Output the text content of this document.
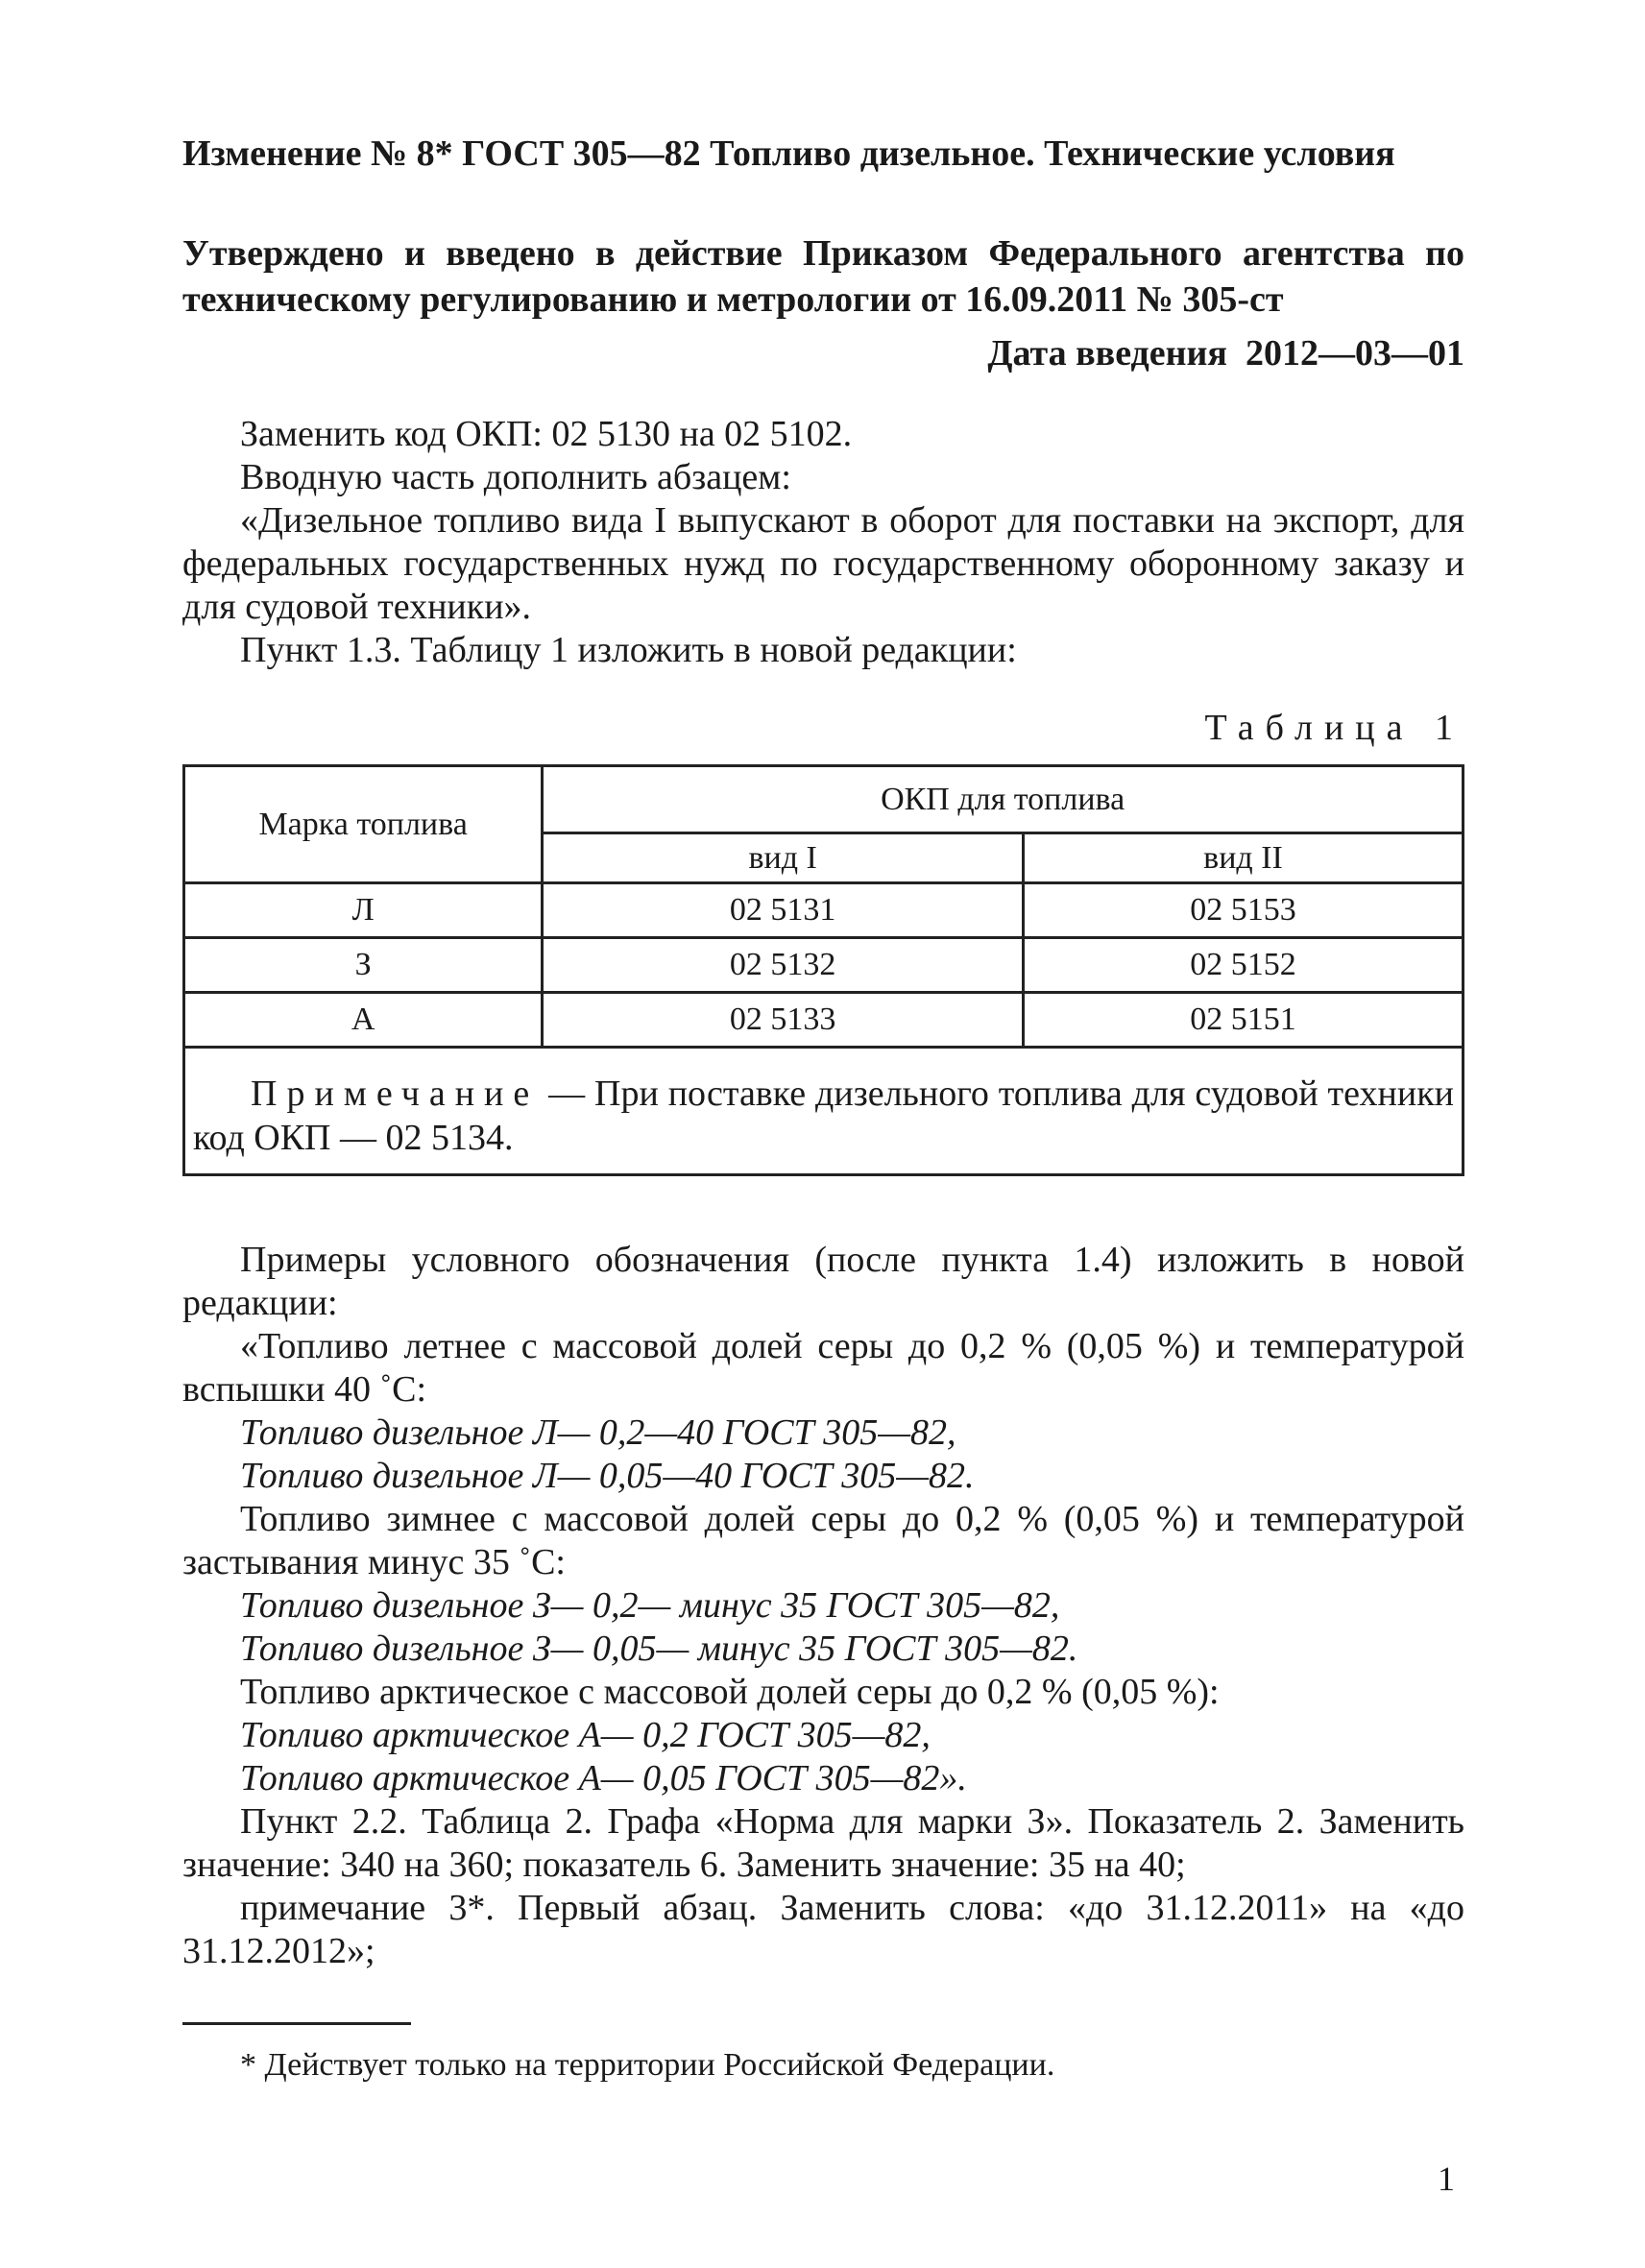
Изменение № 8* ГОСТ 305—82 Топливо дизельное. Технические условия
Утверждено и введено в действие Приказом Федерального агентства по техническому регулированию и метрологии от 16.09.2011 № 305-ст
Дата введения  2012—03—01

Заменить код ОКП: 02 5130 на 02 5102.

Вводную часть дополнить абзацем:

«Дизельное топливо вида I выпускают в оборот для поставки на экспорт, для федеральных государственных нужд по государственному оборонному заказу и для судовой техники».

Пункт 1.3. Таблицу 1 изложить в новой редакции:

Таблица 1
Марка топлива	ОКП для топлива	
	вид I	вид II
Л	02 5131	02 5153
З	02 5132	02 5152
А	02 5133	02 5151
Примечание — При поставке дизельного топлива для судовой техники код ОКП — 02 5134.		

Примеры условного обозначения (после пункта 1.4) изложить в новой редакции:

«Топливо летнее с массовой долей серы до 0,2 % (0,05 %) и температурой вспышки 40 ˚С:

Топливо дизельное Л— 0,2—40 ГОСТ 305—82,

Топливо дизельное Л— 0,05—40 ГОСТ 305—82.

Топливо зимнее с массовой долей серы до 0,2 % (0,05 %) и температурой застывания минус 35 ˚С:

Топливо дизельное З— 0,2— минус 35 ГОСТ 305—82,

Топливо дизельное З— 0,05— минус 35 ГОСТ 305—82.

Топливо арктическое с массовой долей серы до 0,2 % (0,05 %):

Топливо арктическое А— 0,2 ГОСТ 305—82,

Топливо арктическое А— 0,05 ГОСТ 305—82».

Пункт 2.2. Таблица 2. Графа «Норма для марки З». Показатель 2. Заменить значение: 340 на 360; показатель 6. Заменить значение: 35 на 40;

примечание 3*. Первый абзац. Заменить слова: «до 31.12.2011» на «до 31.12.2012»;

* Действует только на территории Российской Федерации.
1
